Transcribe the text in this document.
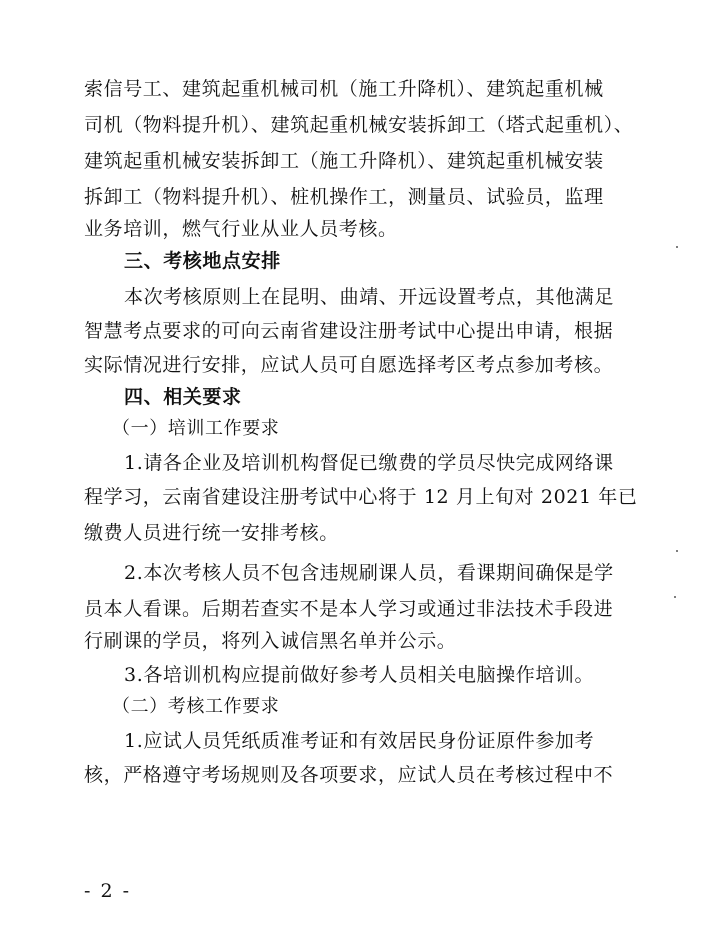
索信号工、建筑起重机械司机（施工升降机）、建筑起重机械
司机（物料提升机）、建筑起重机械安装拆卸工（塔式起重机）、
建筑起重机械安装拆卸工（施工升降机）、建筑起重机械安装
拆卸工（物料提升机）、桩机操作工，测量员、试验员，监理
业务培训，燃气行业从业人员考核。
三、考核地点安排
本次考核原则上在昆明、曲靖、开远设置考点，其他满足
智慧考点要求的可向云南省建设注册考试中心提出申请，根据
实际情况进行安排，应试人员可自愿选择考区考点参加考核。
四、相关要求
（一）培训工作要求
1.请各企业及培训机构督促已缴费的学员尽快完成网络课
程学习，云南省建设注册考试中心将于 12 月上旬对 2021 年已
缴费人员进行统一安排考核。
2.本次考核人员不包含违规刷课人员，看课期间确保是学
员本人看课。后期若查实不是本人学习或通过非法技术手段进
行刷课的学员，将列入诚信黑名单并公示。
3.各培训机构应提前做好参考人员相关电脑操作培训。
（二）考核工作要求
1.应试人员凭纸质准考证和有效居民身份证原件参加考
核，严格遵守考场规则及各项要求，应试人员在考核过程中不
- 2 -
